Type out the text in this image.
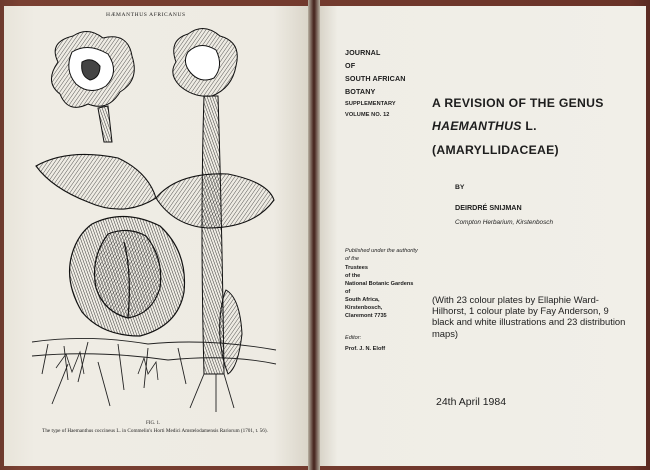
HÆMANTHUS AFRICANUS
FIG. 1.
The type of Haemanthus coccineus L. in Commelin's Horti Medici Amstelodamensis Rariorum (1701, t. 56).
JOURNAL
OF
SOUTH AFRICAN
BOTANY
SUPPLEMENTARY
VOLUME NO. 12
A REVISION OF THE GENUS
HAEMANTHUS L.
(AMARYLLIDACEAE)
BY
DEIRDRÉ SNIJMAN
Compton Herbarium, Kirstenbosch
Published under the authority
of the
Trustees
of the
National Botanic Gardens
of
South Africa,
Kirstenbosch,
Claremont 7735
Editor:
Prof. J. N. Eloff
(With 23 colour plates by Ellaphie Ward-Hilhorst, 1 colour plate by Fay Anderson, 9 black and white illustrations and 23 distribution maps)
24th April 1984
